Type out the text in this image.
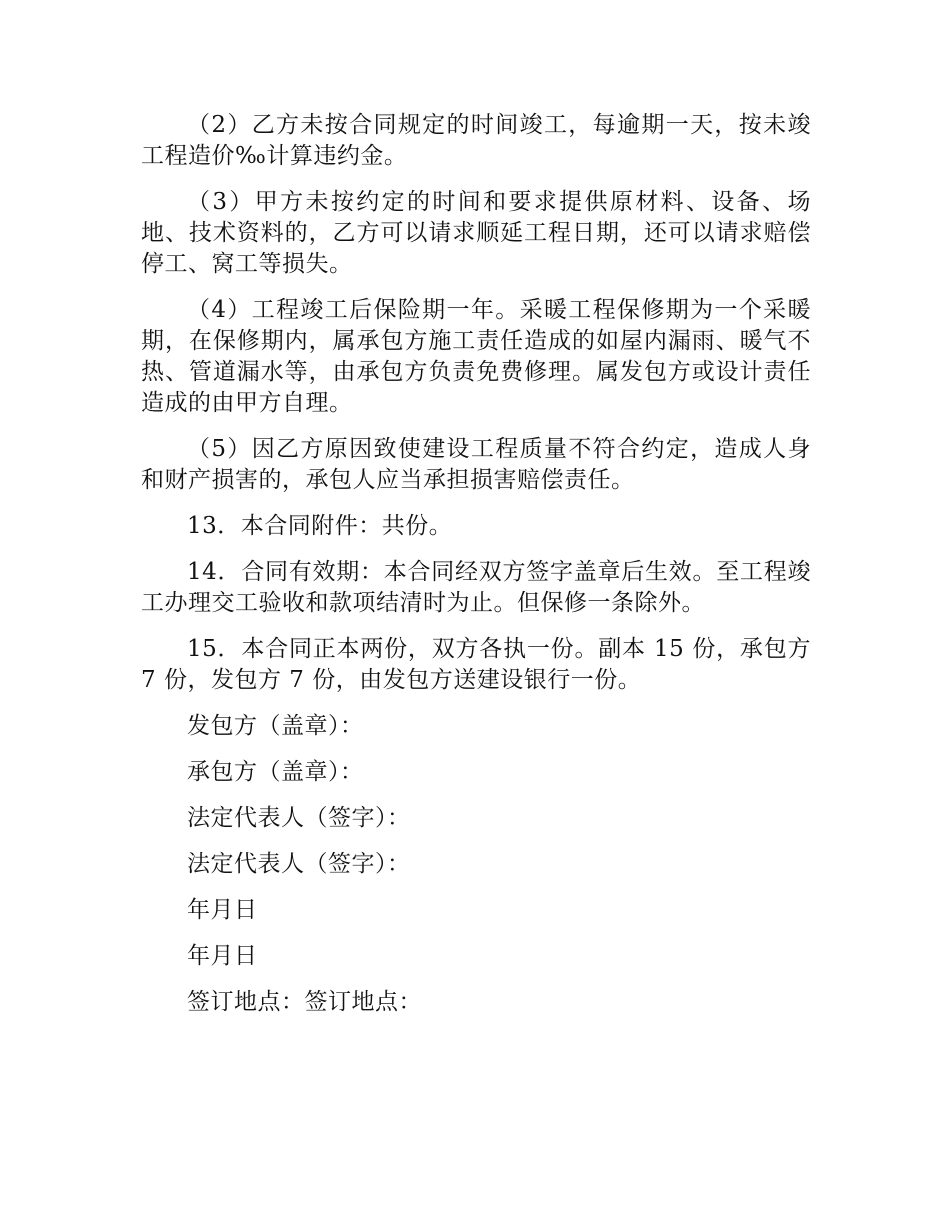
（2）乙方未按合同规定的时间竣工，每逾期一天，按未竣工程造价‰计算违约金。

（3）甲方未按约定的时间和要求提供原材料、设备、场地、技术资料的，乙方可以请求顺延工程日期，还可以请求赔偿停工、窝工等损失。

（4）工程竣工后保险期一年。采暖工程保修期为一个采暖期，在保修期内，属承包方施工责任造成的如屋内漏雨、暖气不热、管道漏水等，由承包方负责免费修理。属发包方或设计责任造成的由甲方自理。

（5）因乙方原因致使建设工程质量不符合约定，造成人身和财产损害的，承包人应当承担损害赔偿责任。

13．本合同附件：共份。

14．合同有效期：本合同经双方签字盖章后生效。至工程竣工办理交工验收和款项结清时为止。但保修一条除外。

15．本合同正本两份，双方各执一份。副本 15 份，承包方 7 份，发包方 7 份，由发包方送建设银行一份。

发包方（盖章）：

承包方（盖章）：

法定代表人（签字）：

法定代表人（签字）：

年月日

年月日

签订地点：签订地点：
